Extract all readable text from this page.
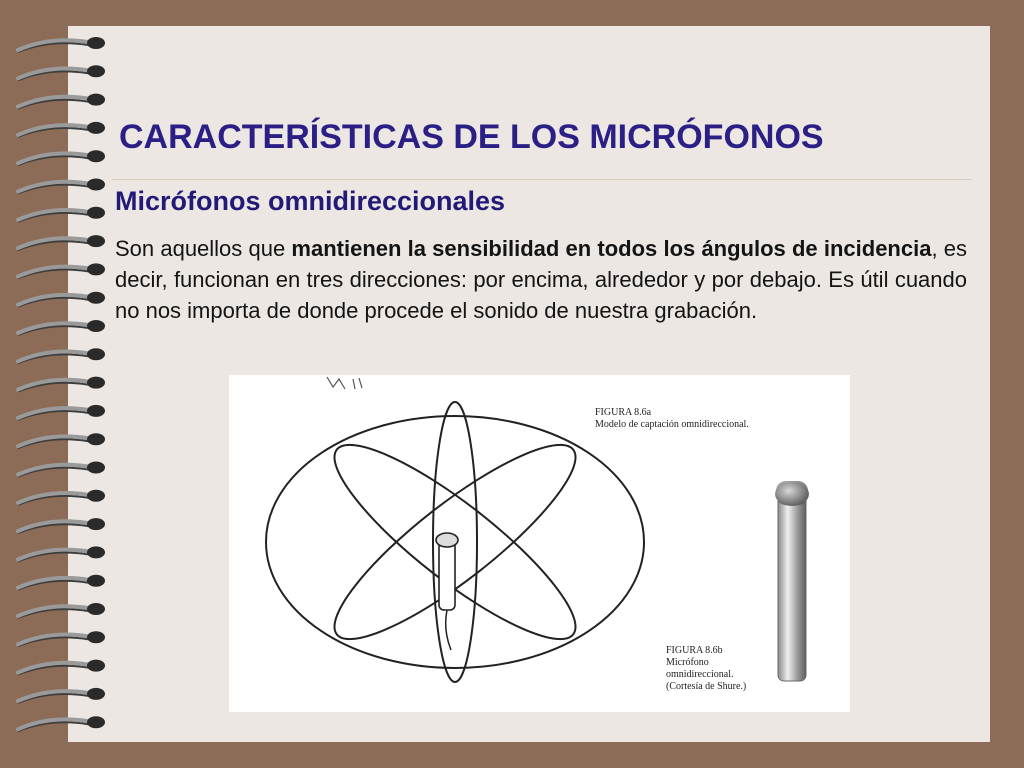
CARACTERÍSTICAS DE LOS MICRÓFONOS
Micrófonos omnidireccionales
Son aquellos que mantienen la sensibilidad en todos los ángulos de incidencia, es decir, funcionan en tres direcciones: por encima, alrededor y por debajo. Es útil cuando no nos importa de donde procede el sonido de nuestra grabación.
FIGURA 8.6a
Modelo de captación omnidireccional.
FIGURA 8.6b
Micrófono
omnidireccional.
(Cortesía de Shure.)
